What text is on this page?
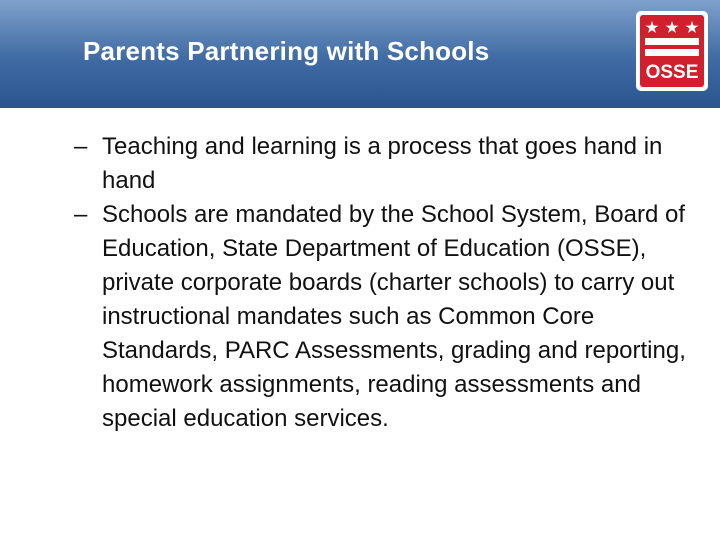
Parents Partnering with Schools
OSSE
– Teaching and learning is a process that goes hand in hand
– Schools are mandated by the School System, Board of Education, State Department of Education (OSSE), private corporate boards (charter schools) to carry out instructional mandates such as Common Core Standards, PARC Assessments, grading and reporting, homework assignments, reading assessments and special education services.
